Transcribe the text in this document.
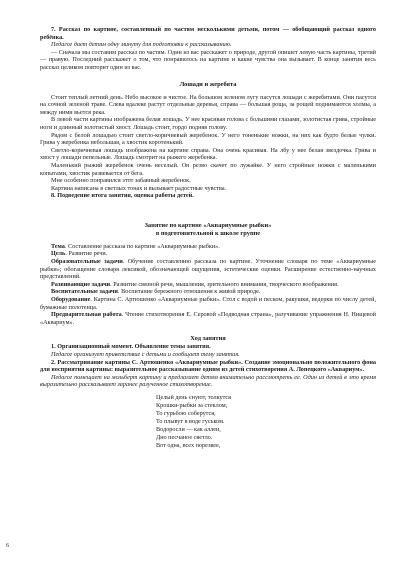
7. Рассказ по картине, составленный по частям несколькими детьми, потом — обобщающий рассказ одного ребёнка.

Педагог дает детям одну минуту для подготовки к рассказыванию.

— Сначала мы составим рассказ по частям. Один из вас расскажет о природе, другой опишет левую часть картины, третий — правую. Последний расскажет о том, что понравилось на картине и какие чувства она вызывает. В конце занятия весь рассказ целиком повторит один из вас.

Лошади и жеребята

Стоит теплый летний день. Небо высокое и чистое. На большом зеленом лугу пасутся лошади с жеребятами. Они пасутся на сочной зеленой траве. Слева вдалеке растут отдельные деревья, справа — большая роща, за рощей поднимаются холмы, а между ними вьется река.

В левой части картины изображена белая лошадь. У нее красивая голова с большими глазами, золотистая грива, стройные ноги и длинный золотистый хвост. Лошадь стоит, гордо подняв голову.

Рядом с белой лошадью стоит светло-коричневый жеребенок. У него тоненькие ножки, на них как будто белые чулки. Грива у жеребенка небольшая, а хвостик коротенький.

Светло-коричневая лошадь изображена на картине справа. Она очень красивая. На лбу у нее белая звездочка. Грива и хвост у лошади пепельные. Лошадь смотрит на рыжего жеребенка.

Маленький рыжий жеребенок очень веселый. Он резво скачет по лужайке. У него стройные ножки с маленькими копытами, хвостик развевается от бега.

Мне особенно понравился этот забавный жеребенок.

Картина написана в светлых тонах и вызывает радостные чувства.

8. Подведение итога занятия, оценка работы детей.

Занятие по картине «Аквариумные рыбки»

в подготовительной к школе группе

Тема. Составление рассказа по картине «Аквариумные рыбки».

Цель. Развитие речи.

Образовательные задачи. Обучение составлению рассказа по картине. Уточнение словаря по теме «Аквариумные рыбки»; обогащение словаря лексикой, обозначающей ощущения, эстетические оценки. Расширение естественно-научных представлений.

Развивающие задачи. Развитие связной речи, мышления, зрительного внимания, творческого воображения.

Воспитательные задачи. Воспитание бережного отношения к живой природе.

Оборудование. Картина С. Артюшенко «Аквариумные рыбки». Стол с водой и песком, ракушки, ведерки по числу детей, бумажные полотенца.

Предварительная работа. Чтение стихотворения Е. Серовой «Подводная страна», разучивание упражнения Н. Нищевой «Аквариум».

Ход занятия

1. Организационный момент. Объявление темы занятия.

Педагог организует приветствие с детьми и сообщает тему занятия.

2. Рассматривание картины С. Артюшенко «Аквариумные рыбки». Создание эмоционально положительного фона для восприятия картины: выразительное рассказывание одним из детей стихотворения А. Лопецкого «Аквариум».

Педагог помещает на мольберт картину и предлагает детям внимательно рассмотреть ее. Один из детей в это время выразительно рассказывает заранее разученное стихотворение.

Целый день снуют, толкутся
Крошки-рыбки за стеклом,
То гурьбою соберутся,
То плывут в воде гуськом.
Водоросли — как аллеи,
Дно песчаное светло.
Вот одна, всех порезвее,
6
